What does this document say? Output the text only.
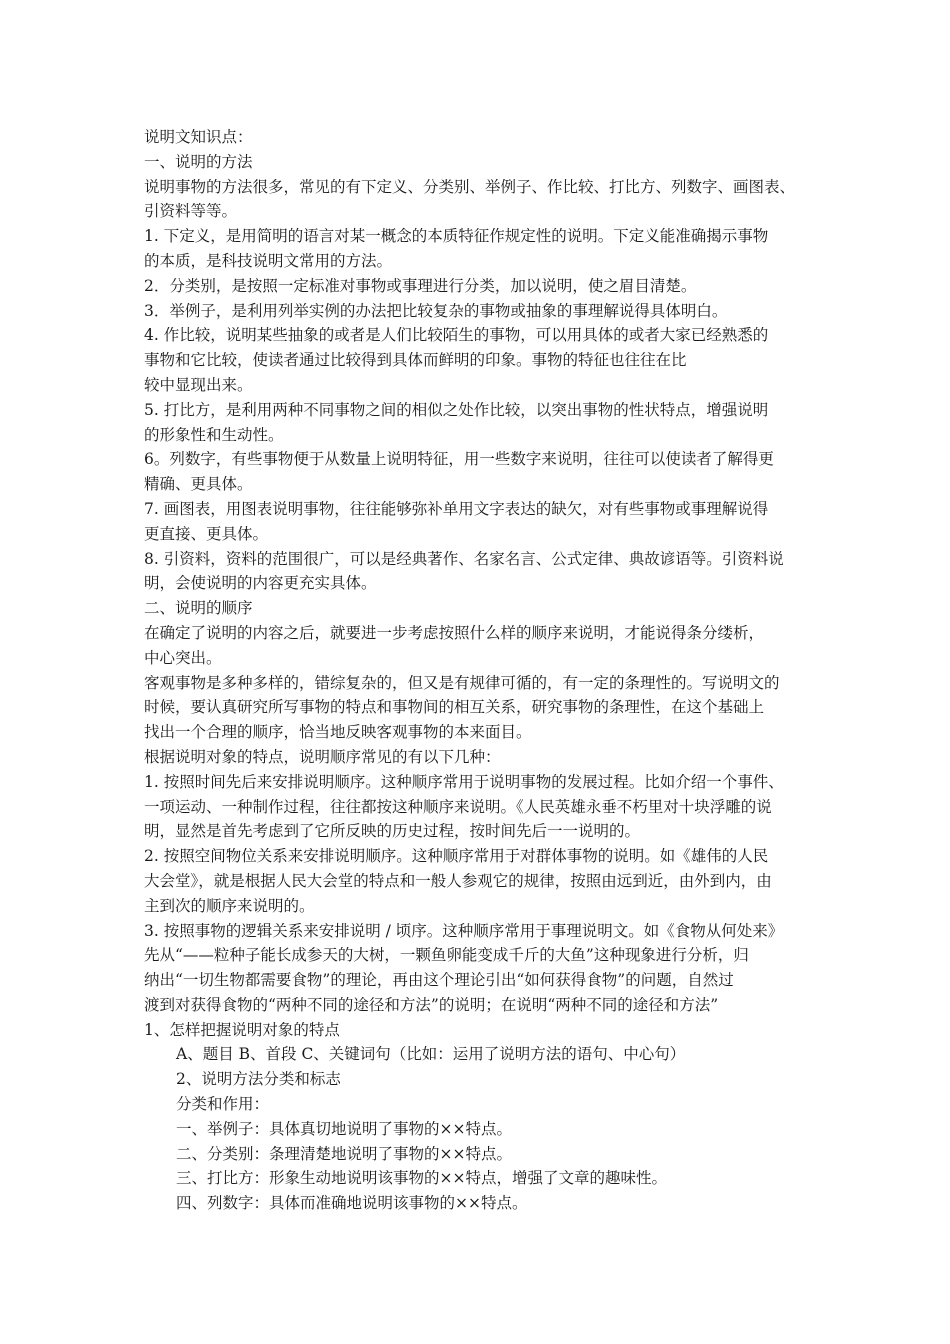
说明文知识点：
一、说明的方法
说明事物的方法很多，常见的有下定义、分类别、举例子、作比较、打比方、列数字、画图表、
引资料等等。
1. 下定义，是用简明的语言对某一概念的本质特征作规定性的说明。下定义能准确揭示事物
的本质，是科技说明文常用的方法。
2．分类别，是按照一定标准对事物或事理进行分类，加以说明，使之眉目清楚。
3．举例子，是利用列举实例的办法把比较复杂的事物或抽象的事理解说得具体明白。
4. 作比较，说明某些抽象的或者是人们比较陌生的事物，可以用具体的或者大家已经熟悉的
事物和它比较，使读者通过比较得到具体而鲜明的印象。事物的特征也往往在比
较中显现出来。
5. 打比方，是利用两种不同事物之间的相似之处作比较，以突出事物的性状特点，增强说明
的形象性和生动性。
6。列数字，有些事物便于从数量上说明特征，用一些数字来说明，往往可以使读者了解得更
精确、更具体。
7. 画图表，用图表说明事物，往往能够弥补单用文字表达的缺欠，对有些事物或事理解说得
更直接、更具体。
8. 引资料，资料的范围很广，可以是经典著作、名家名言、公式定律、典故谚语等。引资料说
明，会使说明的内容更充实具体。
二、说明的顺序
在确定了说明的内容之后，就要进一步考虑按照什么样的顺序来说明，才能说得条分缕析，
中心突出。
客观事物是多种多样的，错综复杂的，但又是有规律可循的，有一定的条理性的。写说明文的
时候，要认真研究所写事物的特点和事物间的相互关系，研究事物的条理性，在这个基础上
找出一个合理的顺序，恰当地反映客观事物的本来面目。
根据说明对象的特点，说明顺序常见的有以下几种：
1. 按照时间先后来安排说明顺序。这种顺序常用于说明事物的发展过程。比如介绍一个事件、
一项运动、一种制作过程，往往都按这种顺序来说明。《人民英雄永垂不朽里对十块浮雕的说
明，显然是首先考虑到了它所反映的历史过程，按时间先后一一说明的。
2. 按照空间物位关系来安排说明顺序。这种顺序常用于对群体事物的说明。如《雄伟的人民
大会堂》，就是根据人民大会堂的特点和一般人参观它的规律，按照由远到近，由外到内，由
主到次的顺序来说明的。
3. 按照事物的逻辑关系来安排说明 / 顷序。这种顺序常用于事理说明文。如《食物从何处来》
先从“——粒种子能长成参天的大树，一颗鱼卵能变成千斤的大鱼”这种现象进行分析，归
纳出“一切生物都需要食物”的理论，再由这个理论引出“如何获得食物”的问题，自然过
渡到对获得食物的“两种不同的途径和方法”的说明；在说明“两种不同的途径和方法”
1、怎样把握说明对象的特点
A、题目 B、首段 C、关键词句（比如：运用了说明方法的语句、中心句）
2、说明方法分类和标志
分类和作用：
一、举例子：具体真切地说明了事物的××特点。
二、分类别：条理清楚地说明了事物的××特点。
三、打比方：形象生动地说明该事物的××特点，增强了文章的趣味性。
四、列数字：具体而准确地说明该事物的××特点。
